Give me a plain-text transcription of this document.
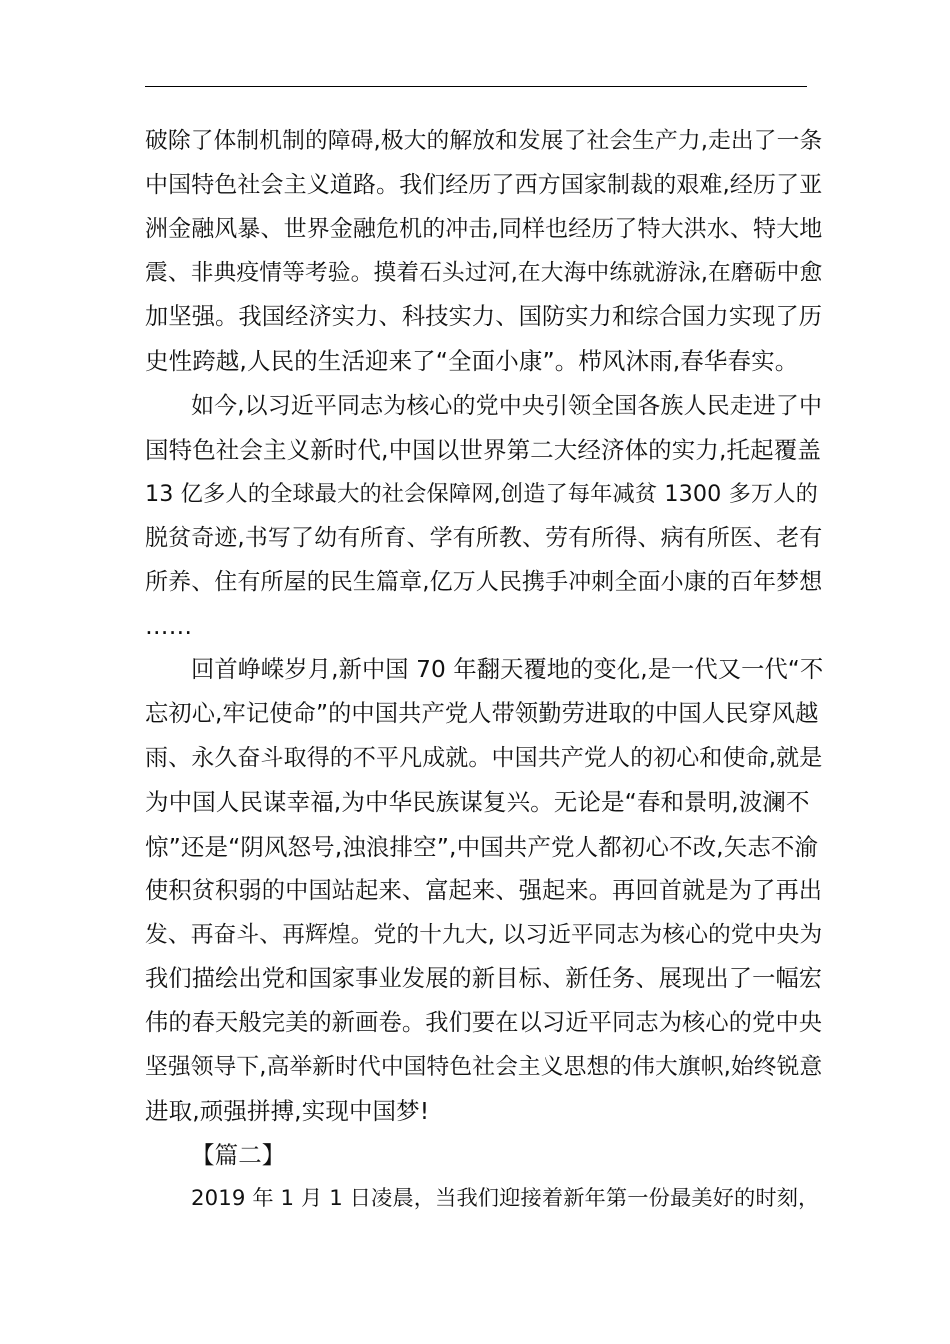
破除了体制机制的障碍,极大的解放和发展了社会生产力,走出了一条
中国特色社会主义道路。我们经历了西方国家制裁的艰难,经历了亚
洲金融风暴、世界金融危机的冲击,同样也经历了特大洪水、特大地
震、非典疫情等考验。摸着石头过河,在大海中练就游泳,在磨砺中愈
加坚强。我国经济实力、科技实力、国防实力和综合国力实现了历
史性跨越,人民的生活迎来了“全面小康”。栉风沐雨,春华春实。
如今,以习近平同志为核心的党中央引领全国各族人民走进了中
国特色社会主义新时代,中国以世界第二大经济体的实力,托起覆盖
13 亿多人的全球最大的社会保障网,创造了每年减贫 1300 多万人的
脱贫奇迹,书写了幼有所育、学有所教、劳有所得、病有所医、老有
所养、住有所屋的民生篇章,亿万人民携手冲刺全面小康的百年梦想
……
回首峥嵘岁月,新中国 70 年翻天覆地的变化,是一代又一代“不
忘初心,牢记使命”的中国共产党人带领勤劳进取的中国人民穿风越
雨、永久奋斗取得的不平凡成就。中国共产党人的初心和使命,就是
为中国人民谋幸福,为中华民族谋复兴。无论是“春和景明,波澜不
惊”还是“阴风怒号,浊浪排空”,中国共产党人都初心不改,矢志不渝
使积贫积弱的中国站起来、富起来、强起来。再回首就是为了再出
发、再奋斗、再辉煌。党的十九大, 以习近平同志为核心的党中央为
我们描绘出党和国家事业发展的新目标、新任务、展现出了一幅宏
伟的春天般完美的新画卷。我们要在以习近平同志为核心的党中央
坚强领导下,高举新时代中国特色社会主义思想的伟大旗帜,始终锐意
进取,顽强拼搏,实现中国梦!
【篇二】
2019 年 1 月 1 日凌晨，当我们迎接着新年第一份最美好的时刻，
